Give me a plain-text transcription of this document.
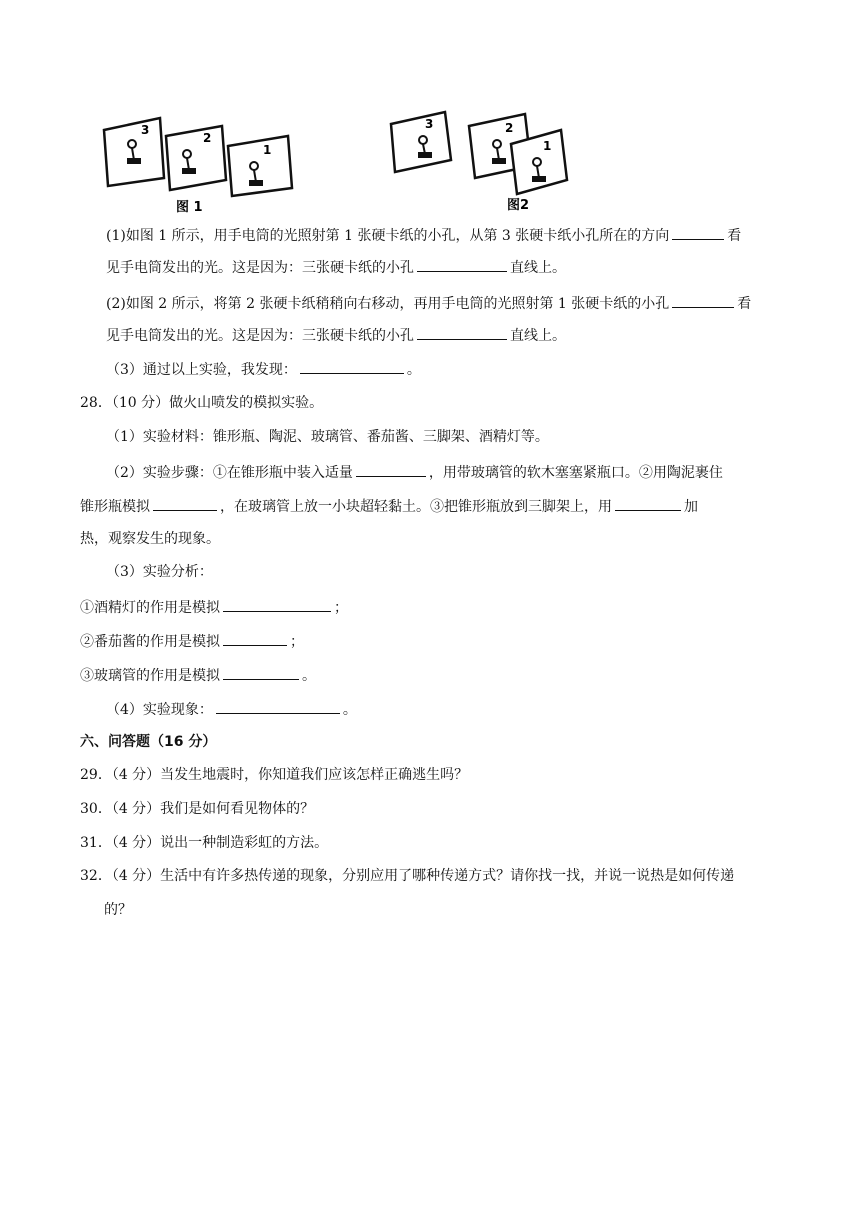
3
2
1
图 1
3	2
1
图2
(1)如图 1 所示，用手电筒的光照射第 1 张硬卡纸的小孔，从第 3 张硬卡纸小孔所在的方向	看
见手电筒发出的光。这是因为：三张硬卡纸的小孔	直线上。
(2)如图 2 所示，将第 2 张硬卡纸稍稍向右移动，再用手电筒的光照射第 1 张硬卡纸的小孔	看
见手电筒发出的光。这是因为：三张硬卡纸的小孔	直线上。
（3）通过以上实验，我发现：	。
28．（10 分）做火山喷发的模拟实验。
（1）实验材料：锥形瓶、陶泥、玻璃管、番茄酱、三脚架、酒精灯等。
（2）实验步骤：①在锥形瓶中装入适量	，用带玻璃管的软木塞塞紧瓶口。②用陶泥裹住
锥形瓶模拟	，在玻璃管上放一小块超轻黏土。③把锥形瓶放到三脚架上，用	加
热，观察发生的现象。
（3）实验分析：
①酒精灯的作用是模拟	；
②番茄酱的作用是模拟	；
③玻璃管的作用是模拟	。
（4）实验现象：	。
六、问答题（16 分）
29．（4 分）当发生地震时，你知道我们应该怎样正确逃生吗？
30．（4 分）我们是如何看见物体的？
31．（4 分）说出一种制造彩虹的方法。
32．（4 分）生活中有许多热传递的现象，分别应用了哪种传递方式？请你找一找，并说一说热是如何传递
的？
